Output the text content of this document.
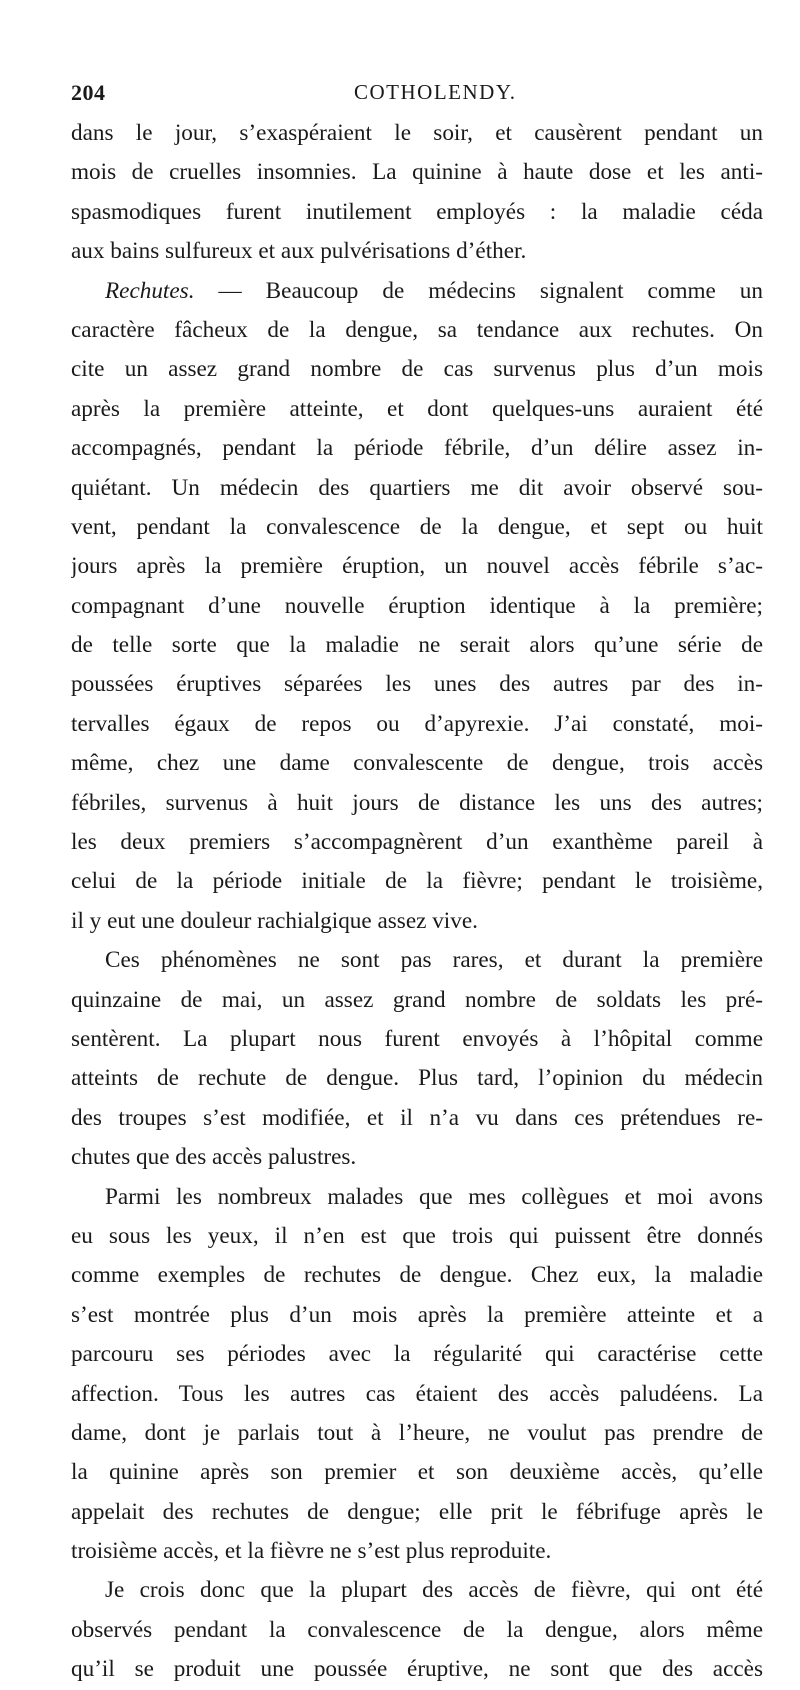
204	COTHOLENDY.
dans le jour, s’exaspéraient le soir, et causèrent pendant un
mois de cruelles insomnies. La quinine à haute dose et les anti-
spasmodiques furent inutilement employés : la maladie céda
aux bains sulfureux et aux pulvérisations d’éther.
Rechutes. — Beaucoup de médecins signalent comme un
caractère fâcheux de la dengue, sa tendance aux rechutes. On
cite un assez grand nombre de cas survenus plus d’un mois
après la première atteinte, et dont quelques-uns auraient été
accompagnés, pendant la période fébrile, d’un délire assez in-
quiétant. Un médecin des quartiers me dit avoir observé sou-
vent, pendant la convalescence de la dengue, et sept ou huit
jours après la première éruption, un nouvel accès fébrile s’ac-
compagnant d’une nouvelle éruption identique à la première;
de telle sorte que la maladie ne serait alors qu’une série de
poussées éruptives séparées les unes des autres par des in-
tervalles égaux de repos ou d’apyrexie. J’ai constaté, moi-
même, chez une dame convalescente de dengue, trois accès
fébriles, survenus à huit jours de distance les uns des autres;
les deux premiers s’accompagnèrent d’un exanthème pareil à
celui de la période initiale de la fièvre; pendant le troisième,
il y eut une douleur rachialgique assez vive.
Ces phénomènes ne sont pas rares, et durant la première
quinzaine de mai, un assez grand nombre de soldats les pré-
sentèrent. La plupart nous furent envoyés à l’hôpital comme
atteints de rechute de dengue. Plus tard, l’opinion du médecin
des troupes s’est modifiée, et il n’a vu dans ces prétendues re-
chutes que des accès palustres.
Parmi les nombreux malades que mes collègues et moi avons
eu sous les yeux, il n’en est que trois qui puissent être donnés
comme exemples de rechutes de dengue. Chez eux, la maladie
s’est montrée plus d’un mois après la première atteinte et a
parcouru ses périodes avec la régularité qui caractérise cette
affection. Tous les autres cas étaient des accès paludéens. La
dame, dont je parlais tout à l’heure, ne voulut pas prendre de
la quinine après son premier et son deuxième accès, qu’elle
appelait des rechutes de dengue; elle prit le fébrifuge après le
troisième accès, et la fièvre ne s’est plus reproduite.
Je crois donc que la plupart des accès de fièvre, qui ont été
observés pendant la convalescence de la dengue, alors même
qu’il se produit une poussée éruptive, ne sont que des accès
